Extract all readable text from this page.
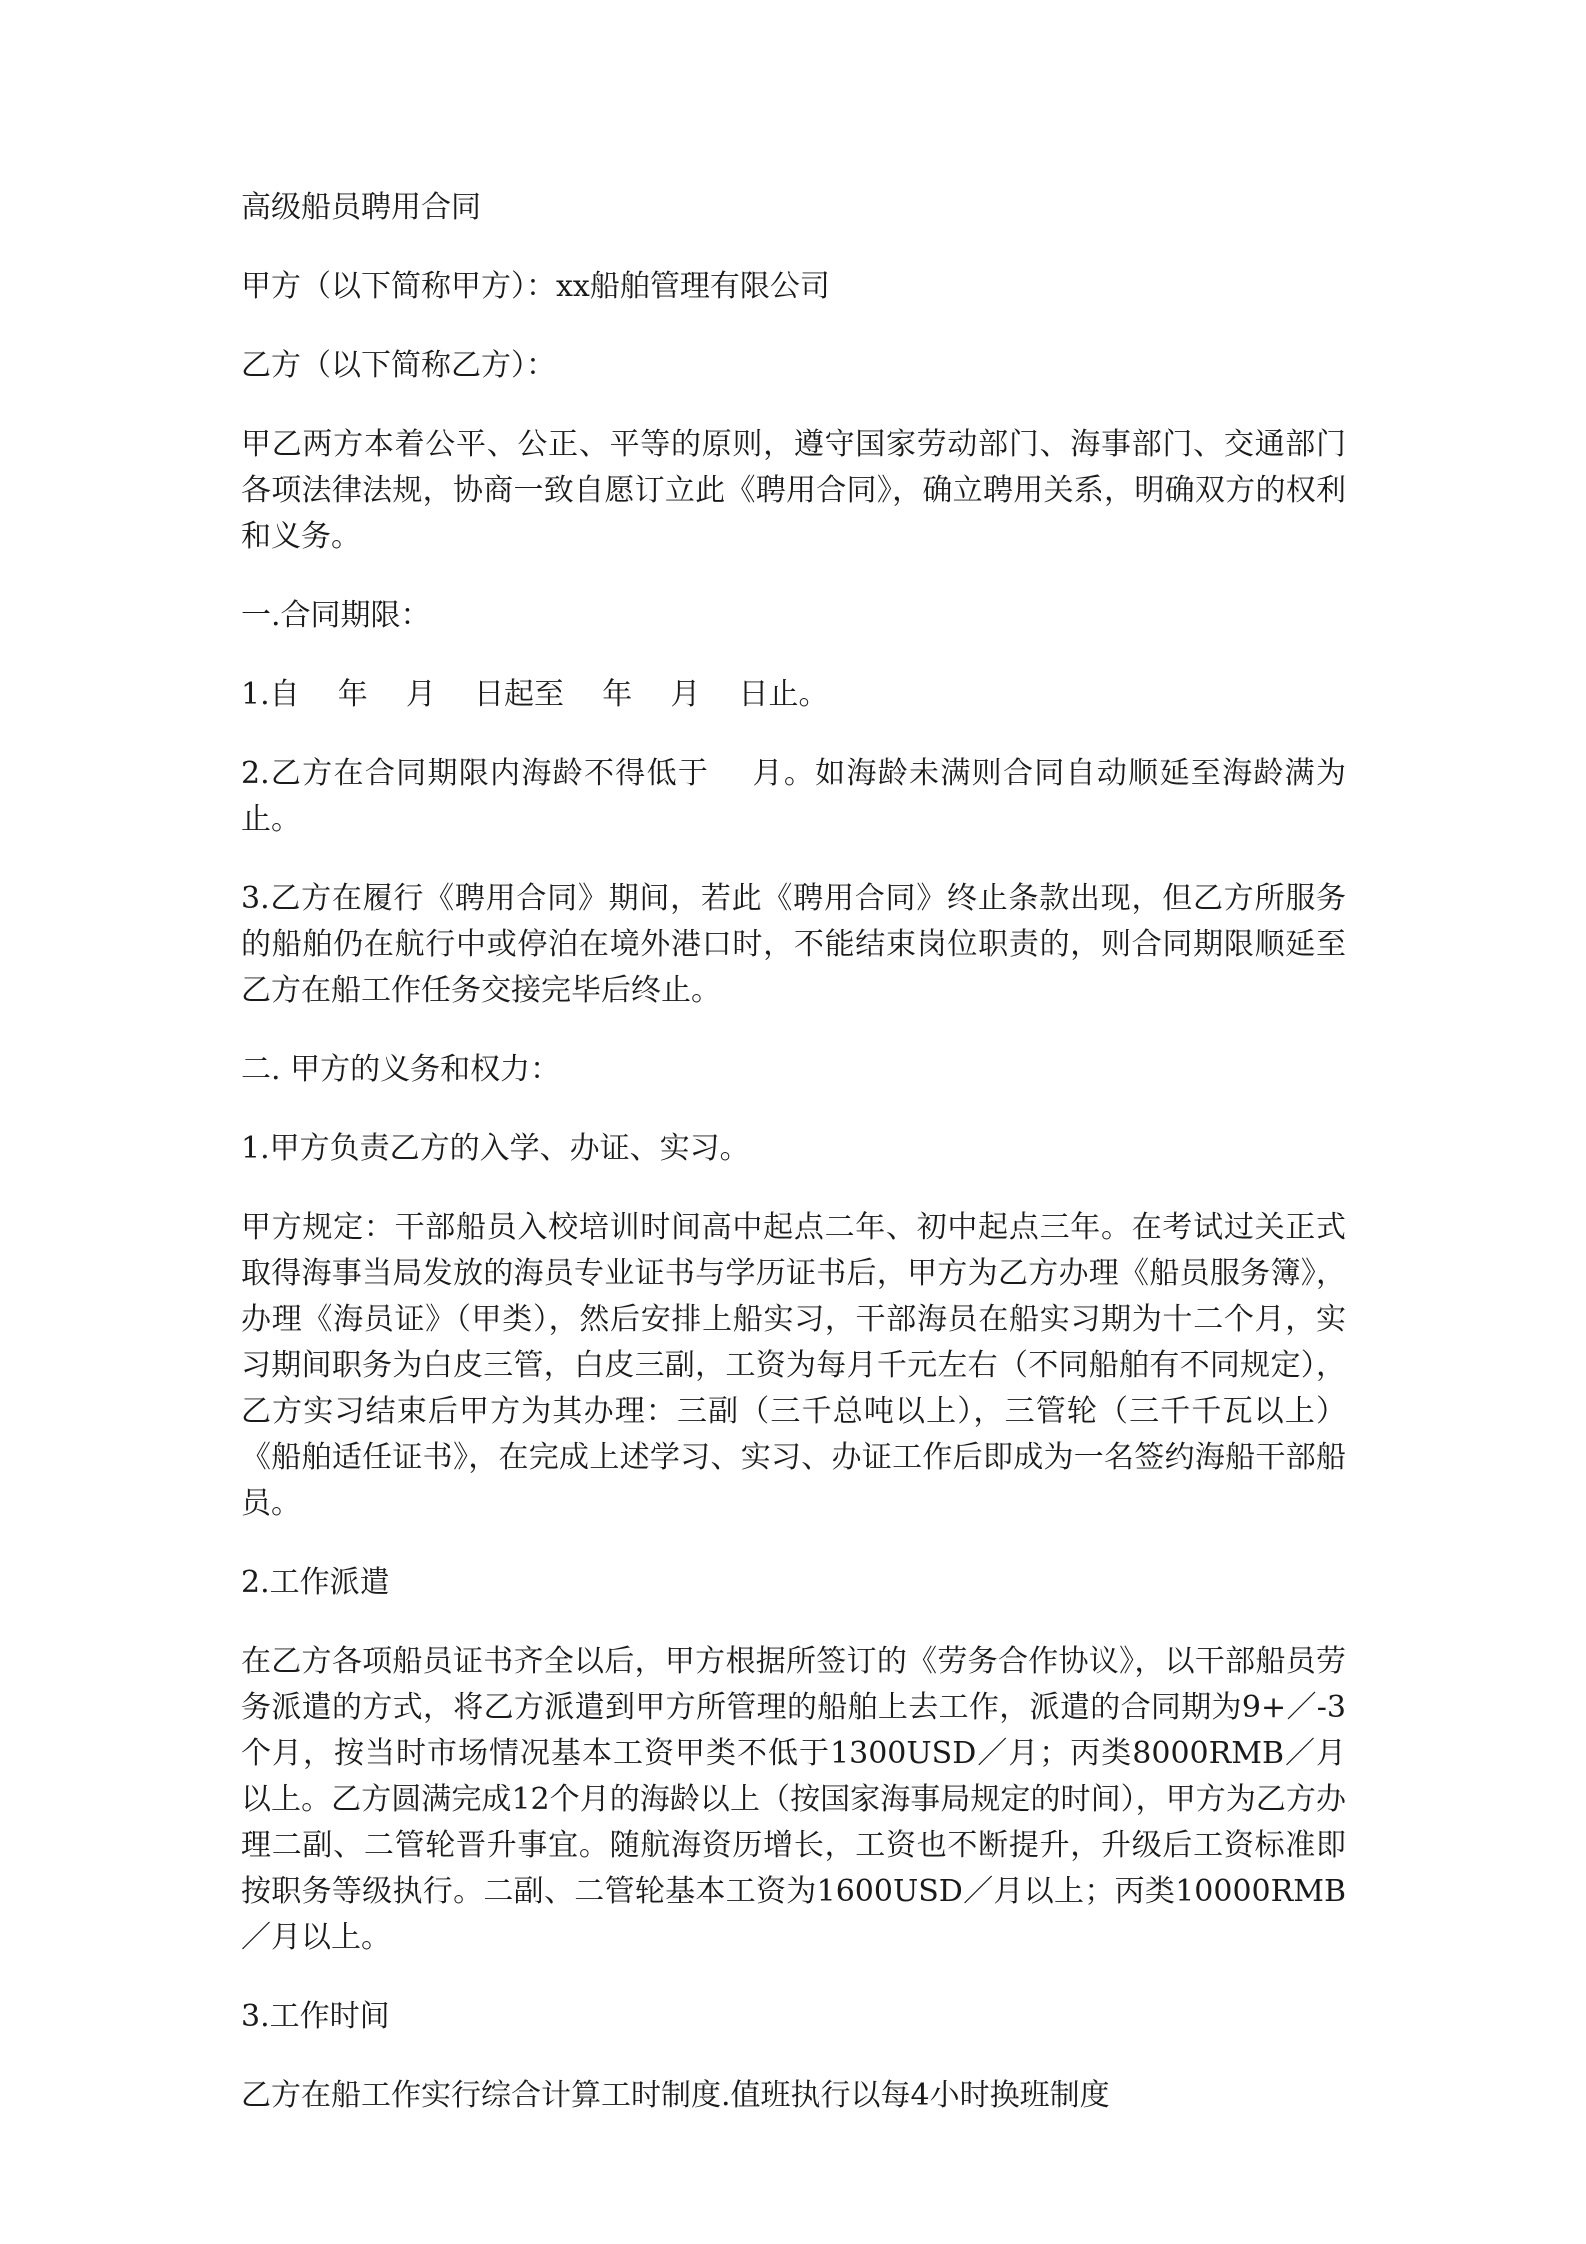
高级船员聘用合同

甲方（以下简称甲方）：xx船舶管理有限公司

乙方（以下简称乙方）：

甲乙两方本着公平、公正、平等的原则，遵守国家劳动部门、海事部门、交通部门各项法律法规，协商一致自愿订立此《聘用合同》，确立聘用关系，明确双方的权利和义务。

一.合同期限：

1.自    年    月    日起至    年    月    日止。

2.乙方在合同期限内海龄不得低于    月。如海龄未满则合同自动顺延至海龄满为止。

3.乙方在履行《聘用合同》期间，若此《聘用合同》终止条款出现，但乙方所服务的船舶仍在航行中或停泊在境外港口时，不能结束岗位职责的，则合同期限顺延至乙方在船工作任务交接完毕后终止。

二. 甲方的义务和权力：

1.甲方负责乙方的入学、办证、实习。

甲方规定：干部船员入校培训时间高中起点二年、初中起点三年。在考试过关正式取得海事当局发放的海员专业证书与学历证书后，甲方为乙方办理《船员服务簿》，办理《海员证》（甲类），然后安排上船实习，干部海员在船实习期为十二个月，实习期间职务为白皮三管，白皮三副，工资为每月千元左右（不同船舶有不同规定），乙方实习结束后甲方为其办理：三副（三千总吨以上），三管轮（三千千瓦以上）《船舶适任证书》，在完成上述学习、实习、办证工作后即成为一名签约海船干部船员。

2.工作派遣

在乙方各项船员证书齐全以后，甲方根据所签订的《劳务合作协议》，以干部船员劳务派遣的方式，将乙方派遣到甲方所管理的船舶上去工作，派遣的合同期为9+／-3个月，按当时市场情况基本工资甲类不低于1300USD／月；丙类8000RMB／月以上。乙方圆满完成12个月的海龄以上（按国家海事局规定的时间），甲方为乙方办理二副、二管轮晋升事宜。随航海资历增长，工资也不断提升，升级后工资标准即按职务等级执行。二副、二管轮基本工资为1600USD／月以上；丙类10000RMB／月以上。

3.工作时间

乙方在船工作实行综合计算工时制度.值班执行以每4小时换班制度
